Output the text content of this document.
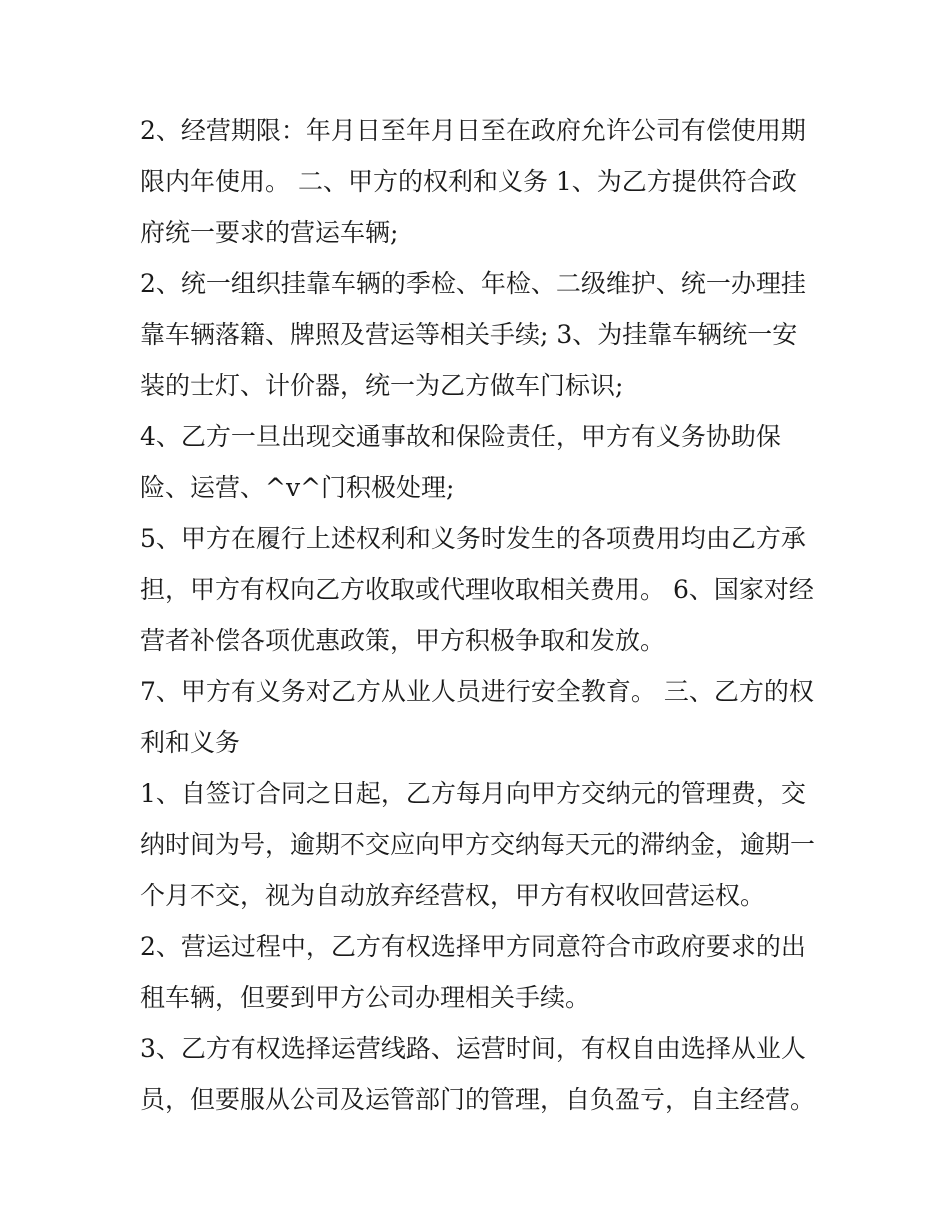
2、经营期限：年月日至年月日至在政府允许公司有偿使用期限内年使用。 二、甲方的权利和义务 1、为乙方提供符合政府统一要求的营运车辆;

2、统一组织挂靠车辆的季检、年检、二级维护、统一办理挂靠车辆落籍、牌照及营运等相关手续; 3、为挂靠车辆统一安装的士灯、计价器，统一为乙方做车门标识;

4、乙方一旦出现交通事故和保险责任，甲方有义务协助保险、运营、^v^门积极处理;

5、甲方在履行上述权利和义务时发生的各项费用均由乙方承担，甲方有权向乙方收取或代理收取相关费用。 6、国家对经营者补偿各项优惠政策，甲方积极争取和发放。

7、甲方有义务对乙方从业人员进行安全教育。 三、乙方的权利和义务

1、自签订合同之日起，乙方每月向甲方交纳元的管理费，交纳时间为号，逾期不交应向甲方交纳每天元的滞纳金，逾期一个月不交，视为自动放弃经营权，甲方有权收回营运权。

2、营运过程中，乙方有权选择甲方同意符合市政府要求的出租车辆，但要到甲方公司办理相关手续。

3、乙方有权选择运营线路、运营时间，有权自由选择从业人员，但要服从公司及运管部门的管理，自负盈亏，自主经营。
